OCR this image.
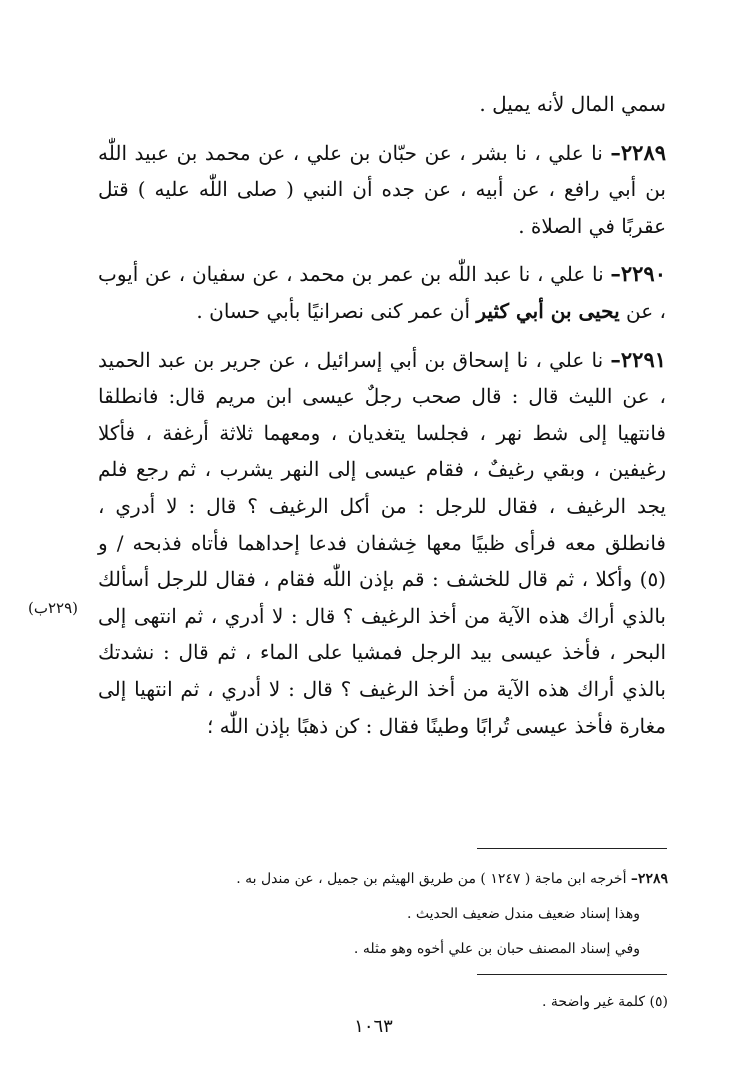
سمي المال لأنه يميل .

٢٢٨٩– نا علي ، نا بشر ، عن حبّان بن علي ، عن محمد بن عبيد اللّٰه بن أبي رافع ، عن أبيه ، عن جده أن النبي ( صلى اللّٰه عليه ) قتل عقربًا في الصلاة .

٢٢٩٠– نا علي ، نا عبد اللّٰه بن عمر بن محمد ، عن سفيان ، عن أيوب ، عن يحيى بن أبي كثير أن عمر كنى نصرانيًا بأبي حسان .

٢٢٩١– نا علي ، نا إسحاق بن أبي إسرائيل ، عن جرير بن عبد الحميد ، عن الليث قال : قال صحب رجلٌ عيسى ابن مريم قال: فانطلقا فانتهيا إلى شط نهر ، فجلسا يتغديان ، ومعهما ثلاثة أرغفة ، فأكلا رغيفين ، وبقي رغيفٌ ، فقام عيسى إلى النهر يشرب ، ثم رجع فلم يجد الرغيف ، فقال للرجل : من أكل الرغيف ؟ قال : لا أدري ، فانطلق معه فرأى ظبيًا معها خِشفان فدعا إحداهما فأتاه فذبحه / و (٥) وأكلا ، ثم قال للخشف : قم بإذن اللّٰه فقام ، فقال للرجل أسألك بالذي أراك هذه الآية من أخذ الرغيف ؟ قال : لا أدري ، ثم انتهى إلى البحر ، فأخذ عيسى بيد الرجل فمشيا على الماء ، ثم قال : نشدتك بالذي أراك هذه الآية من أخذ الرغيف ؟ قال : لا أدري ، ثم انتهيا إلى مغارة فأخذ عيسى تُرابًا وطينًا فقال : كن ذهبًا بإذن اللّٰه ؛

(٢٢٩ب)

٢٢٨٩– أخرجه ابن ماجة ( ١٢٤٧ ) من طريق الهيثم بن جميل ، عن مندل به .

وهذا إسناد ضعيف مندل ضعيف الحديث .

وفي إسناد المصنف حبان بن علي أخوه وهو مثله .

(٥) كلمة غير واضحة .

١٠٦٣
